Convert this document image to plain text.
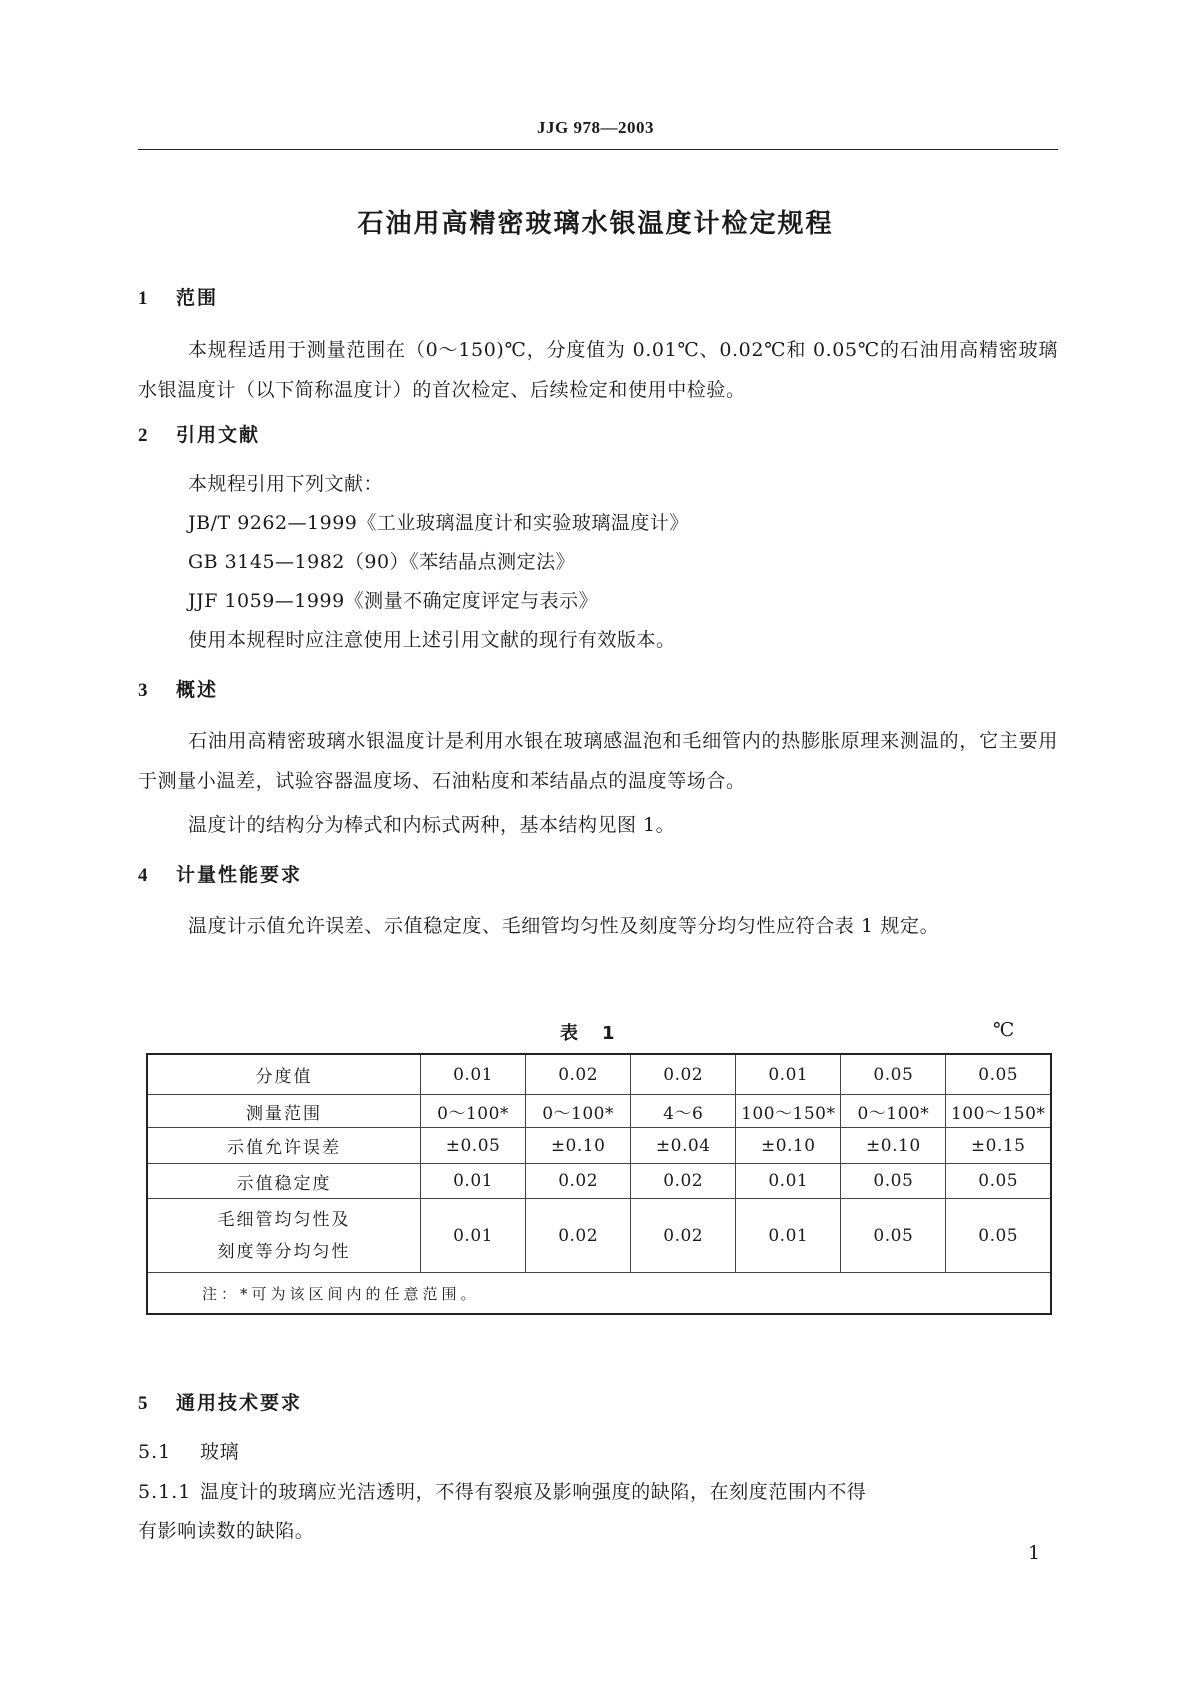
JJG 978—2003
石油用高精密玻璃水银温度计检定规程
1 范围
本规程适用于测量范围在（0～150)℃，分度值为 0.01℃、0.02℃和 0.05℃的石油用高精密玻璃水银温度计（以下简称温度计）的首次检定、后续检定和使用中检验。
2 引用文献
本规程引用下列文献：
JB/T 9262—1999《工业玻璃温度计和实验玻璃温度计》
GB 3145—1982（90）《苯结晶点测定法》
JJF 1059—1999《测量不确定度评定与表示》
使用本规程时应注意使用上述引用文献的现行有效版本。
3 概述
石油用高精密玻璃水银温度计是利用水银在玻璃感温泡和毛细管内的热膨胀原理来测温的，它主要用于测量小温差，试验容器温度场、石油粘度和苯结晶点的温度等场合。
温度计的结构分为棒式和内标式两种，基本结构见图 1。
4 计量性能要求
温度计示值允许误差、示值稳定度、毛细管均匀性及刻度等分均匀性应符合表 1 规定。
表　1	℃
分度值	0.01	0.02	0.02	0.01	0.05	0.05
测量范围	0～100*	0～100*	4～6	100～150*	0～100*	100～150*
示值允许误差	±0.05	±0.10	±0.04	±0.10	±0.10	±0.15
示值稳定度	0.01	0.02	0.02	0.01	0.05	0.05

毛细管均匀性及
刻度等分均匀性	0.01	0.02	0.02	0.01	0.05	0.05
注：*可为该区间内的任意范围。						
5 通用技术要求
5.1 玻璃
5.1.1 温度计的玻璃应光洁透明，不得有裂痕及影响强度的缺陷，在刻度范围内不得
有影响读数的缺陷。
1
